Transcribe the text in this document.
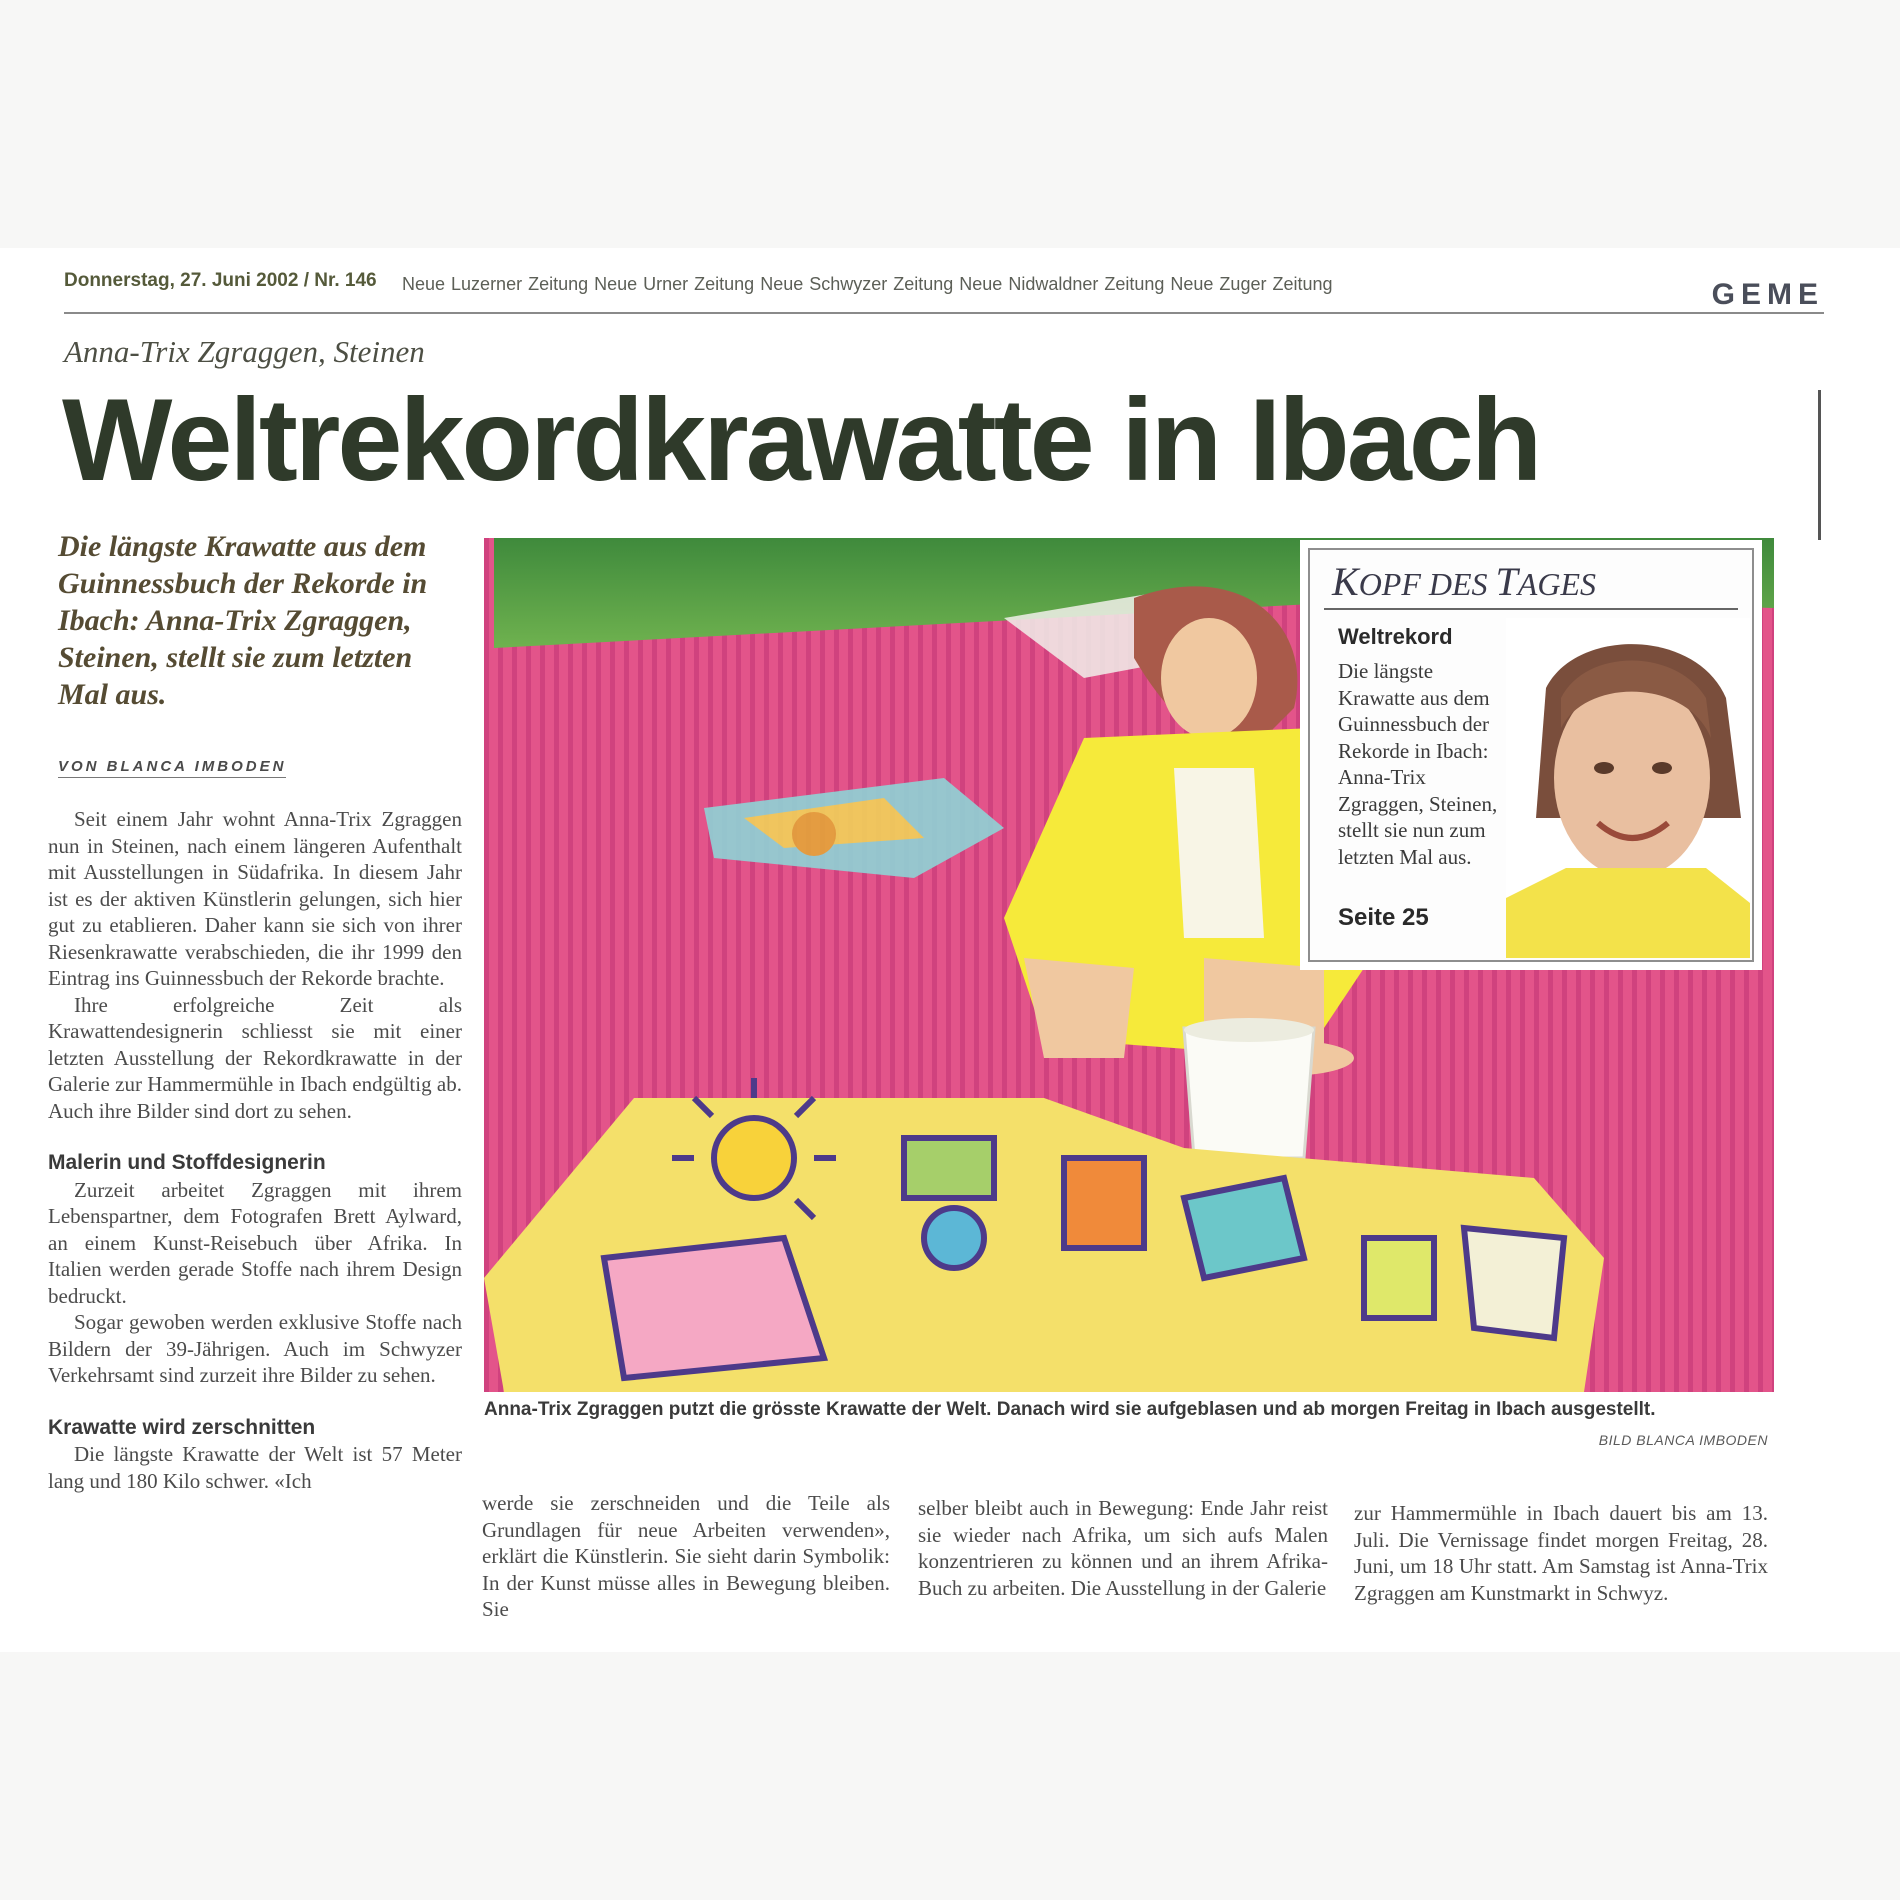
Donnerstag, 27. Juni 2002 / Nr. 146 Neue Luzerner Zeitung Neue Urner Zeitung Neue Schwyzer Zeitung Neue Nidwaldner Zeitung Neue Zuger Zeitung	GEME
Anna-Trix Zgraggen, Steinen
Weltrekordkrawatte in Ibach
Die längste Krawatte aus dem Guinnessbuch der Rekorde in Ibach: Anna-Trix Zgraggen, Steinen, stellt sie zum letzten Mal aus.
VON BLANCA IMBODEN

Seit einem Jahr wohnt Anna-Trix Zgraggen nun in Steinen, nach einem längeren Aufenthalt mit Ausstellungen in Südafrika. In diesem Jahr ist es der aktiven Künstlerin gelungen, sich hier gut zu etablieren. Daher kann sie sich von ihrer Riesenkrawatte verabschieden, die ihr 1999 den Eintrag ins Guinnessbuch der Rekorde brachte.

Ihre erfolgreiche Zeit als Krawattendesignerin schliesst sie mit einer letzten Ausstellung der Rekordkrawatte in der Galerie zur Hammermühle in Ibach endgültig ab. Auch ihre Bilder sind dort zu sehen.

Malerin und Stoffdesignerin

Zurzeit arbeitet Zgraggen mit ihrem Lebenspartner, dem Fotografen Brett Aylward, an einem Kunst-Reisebuch über Afrika. In Italien werden gerade Stoffe nach ihrem Design bedruckt.

Sogar gewoben werden exklusive Stoffe nach Bildern der 39-Jährigen. Auch im Schwyzer Verkehrsamt sind zurzeit ihre Bilder zu sehen.

Krawatte wird zerschnitten

Die längste Krawatte der Welt ist 57 Meter lang und 180 Kilo schwer. «Ich

KOPF DES TAGES
Weltrekord
Die längste Krawatte aus dem Guinnessbuch der Rekorde in Ibach: Anna-Trix Zgraggen, Steinen, stellt sie nun zum letzten Mal aus.
Seite 25
Anna-Trix Zgraggen putzt die grösste Krawatte der Welt. Danach wird sie aufgeblasen und ab morgen Freitag in Ibach ausgestellt.
BILD BLANCA IMBODEN

werde sie zerschneiden und die Teile als Grundlagen für neue Arbeiten verwenden», erklärt die Künstlerin. Sie sieht darin Symbolik: In der Kunst müsse alles in Bewegung bleiben. Sie

selber bleibt auch in Bewegung: Ende Jahr reist sie wieder nach Afrika, um sich aufs Malen konzentrieren zu können und an ihrem Afrika-Buch zu arbeiten. Die Ausstellung in der Galerie

zur Hammermühle in Ibach dauert bis am 13. Juli. Die Vernissage findet morgen Freitag, 28. Juni, um 18 Uhr statt. Am Samstag ist Anna-Trix Zgraggen am Kunstmarkt in Schwyz.
